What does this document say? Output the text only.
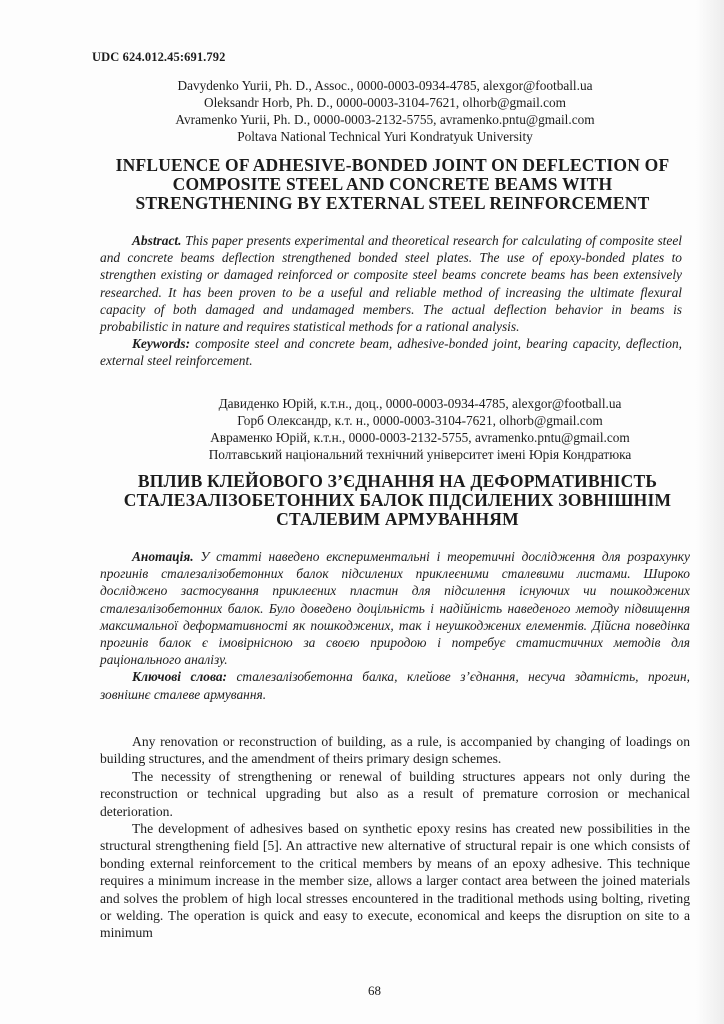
UDC 624.012.45:691.792
Davydenko Yurii, Ph. D., Assoc., 0000-0003-0934-4785, alexgor@football.ua
Oleksandr Horb, Ph. D., 0000-0003-3104-7621, olhorb@gmail.com
Avramenko Yurii, Ph. D., 0000-0003-2132-5755, avramenko.pntu@gmail.com
Poltava National Technical Yuri Kondratyuk University
INFLUENCE OF ADHESIVE-BONDED JOINT ON DEFLECTION OF
COMPOSITE STEEL AND CONCRETE BEAMS WITH
STRENGTHENING BY EXTERNAL STEEL REINFORCEMENT

Abstract. This paper presents experimental and theoretical research for calculating of composite steel and concrete beams deflection strengthened bonded steel plates. The use of epoxy-bonded plates to strengthen existing or damaged reinforced or composite steel beams concrete beams has been extensively researched. It has been proven to be a useful and reliable method of increasing the ultimate flexural capacity of both damaged and undamaged members. The actual deflection behavior in beams is probabilistic in nature and requires statistical methods for a rational analysis.

Keywords: composite steel and concrete beam, adhesive-bonded joint, bearing capacity, deflection, external steel reinforcement.

Давиденко Юрій, к.т.н., доц., 0000-0003-0934-4785, alexgor@football.ua
Горб Олександр, к.т. н., 0000-0003-3104-7621, olhorb@gmail.com
Авраменко Юрій, к.т.н., 0000-0003-2132-5755, avramenko.pntu@gmail.com
Полтавський національний технічний університет імені Юрія Кондратюка
ВПЛИВ КЛЕЙОВОГО З’ЄДНАННЯ НА ДЕФОРМАТИВНІСТЬ
СТАЛЕЗАЛІЗОБЕТОННИХ БАЛОК ПІДСИЛЕНИХ ЗОВНІШНІМ
СТАЛЕВИМ АРМУВАННЯМ

Анотація. У статті наведено експериментальні і теоретичні дослідження для розрахунку прогинів сталезалізобетонних балок підсилених приклеєними сталевими листами. Широко досліджено застосування приклеєних пластин для підсилення існуючих чи пошкоджених сталезалізобетонних балок. Було доведено доцільність і надійність наведеного методу підвищення максимальної деформативності як пошкоджених, так і неушкоджених елементів. Дійсна поведінка прогинів балок є імовірнісною за своєю природою і потребує статистичних методів для раціонального аналізу.

Ключові слова: сталезалізобетонна балка, клейове з’єднання, несуча здатність, прогин, зовнішнє сталеве армування.

Any renovation or reconstruction of building, as a rule, is accompanied by changing of loadings on building structures, and the amendment of theirs primary design schemes.

The necessity of strengthening or renewal of building structures appears not only during the reconstruction or technical upgrading but also as a result of premature corrosion or mechanical deterioration.

The development of adhesives based on synthetic epoxy resins has created new possibilities in the structural strengthening field [5]. An attractive new alternative of structural repair is one which consists of bonding external reinforcement to the critical members by means of an epoxy adhesive. This technique requires a minimum increase in the member size, allows a larger contact area between the joined materials and solves the problem of high local stresses encountered in the traditional methods using bolting, riveting or welding. The operation is quick and easy to execute, economical and keeps the disruption on site to a minimum

68
